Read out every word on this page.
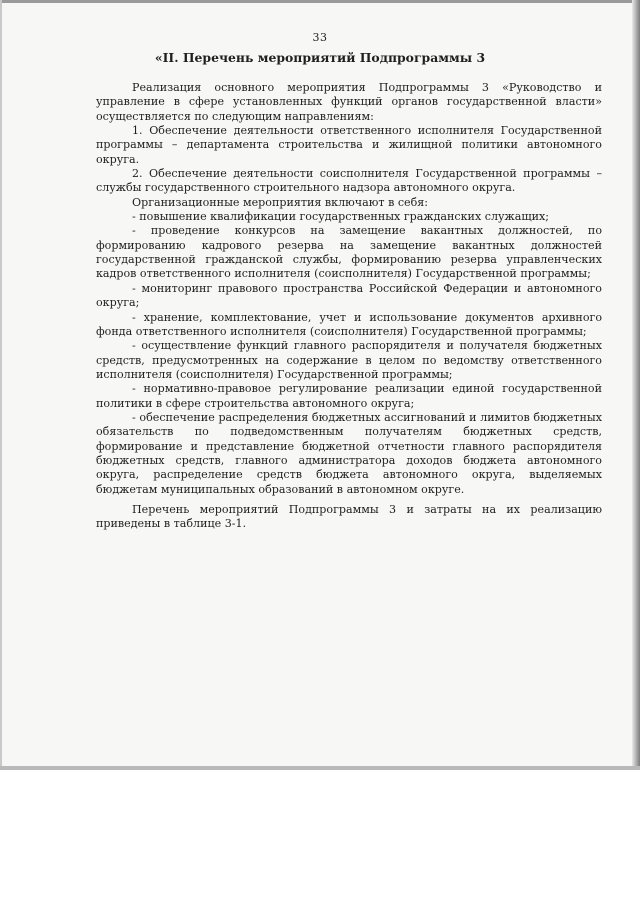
33
«II. Перечень мероприятий Подпрограммы 3

Реализация основного мероприятия Подпрограммы 3 «Руководство и управление в сфере установленных функций органов государственной власти» осуществляется по следующим направлениям:

1. Обеспечение деятельности ответственного исполнителя Государственной программы – департамента строительства и жилищной политики автономного округа.

2. Обеспечение деятельности соисполнителя Государственной программы – службы государственного строительного надзора автономного округа.

Организационные мероприятия включают в себя:

- повышение квалификации государственных гражданских служащих;

- проведение конкурсов на замещение вакантных должностей, по формированию кадрового резерва на замещение вакантных должностей государственной гражданской службы, формированию резерва управленческих кадров ответственного исполнителя (соисполнителя) Государственной программы;

- мониторинг правового пространства Российской Федерации и автономного округа;

- хранение, комплектование, учет и использование документов архивного фонда ответственного исполнителя (соисполнителя) Государственной программы;

- осуществление функций главного распорядителя и получателя бюджетных средств, предусмотренных на содержание в целом по ведомству ответственного исполнителя (соисполнителя) Государственной программы;

- нормативно-правовое регулирование реализации единой государственной политики в сфере строительства автономного округа;

- обеспечение распределения бюджетных ассигнований и лимитов бюджетных обязательств по подведомственным получателям бюджетных средств, формирование и представление бюджетной отчетности главного распорядителя бюджетных средств, главного администратора доходов бюджета автономного округа, распределение средств бюджета автономного округа, выделяемых бюджетам муниципальных образований в автономном округе.

Перечень мероприятий Подпрограммы 3 и затраты на их реализацию приведены в таблице 3-1.
